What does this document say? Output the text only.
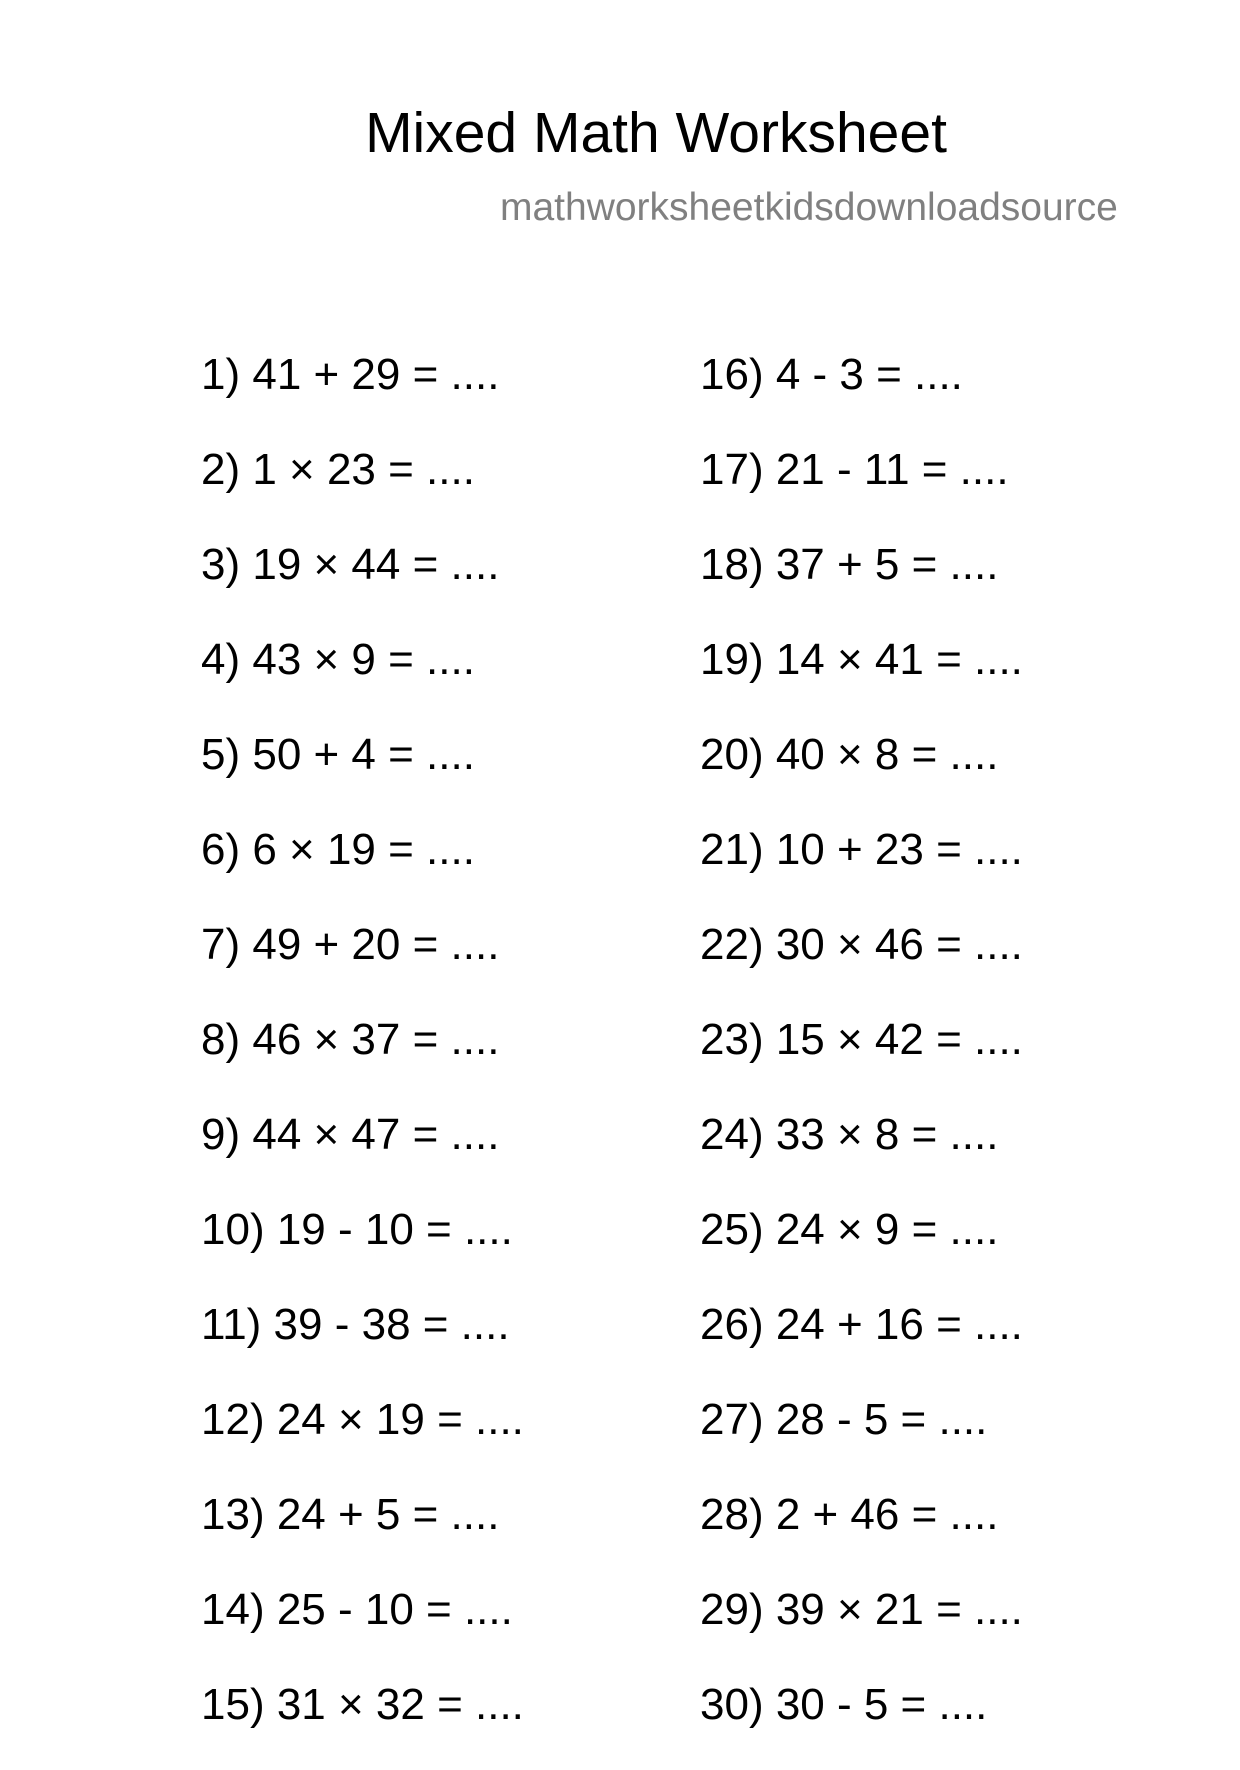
Mixed Math Worksheet
mathworksheetkidsdownloadsource
1) 41 + 29 = ....
2) 1 × 23 = ....
3) 19 × 44 = ....
4) 43 × 9 = ....
5) 50 + 4 = ....
6) 6 × 19 = ....
7) 49 + 20 = ....
8) 46 × 37 = ....
9) 44 × 47 = ....
10) 19 - 10 = ....
11) 39 - 38 = ....
12) 24 × 19 = ....
13) 24 + 5 = ....
14) 25 - 10 = ....
15) 31 × 32 = ....
16) 4 - 3 = ....
17) 21 - 11 = ....
18) 37 + 5 = ....
19) 14 × 41 = ....
20) 40 × 8 = ....
21) 10 + 23 = ....
22) 30 × 46 = ....
23) 15 × 42 = ....
24) 33 × 8 = ....
25) 24 × 9 = ....
26) 24 + 16 = ....
27) 28 - 5 = ....
28) 2 + 46 = ....
29) 39 × 21 = ....
30) 30 - 5 = ....
